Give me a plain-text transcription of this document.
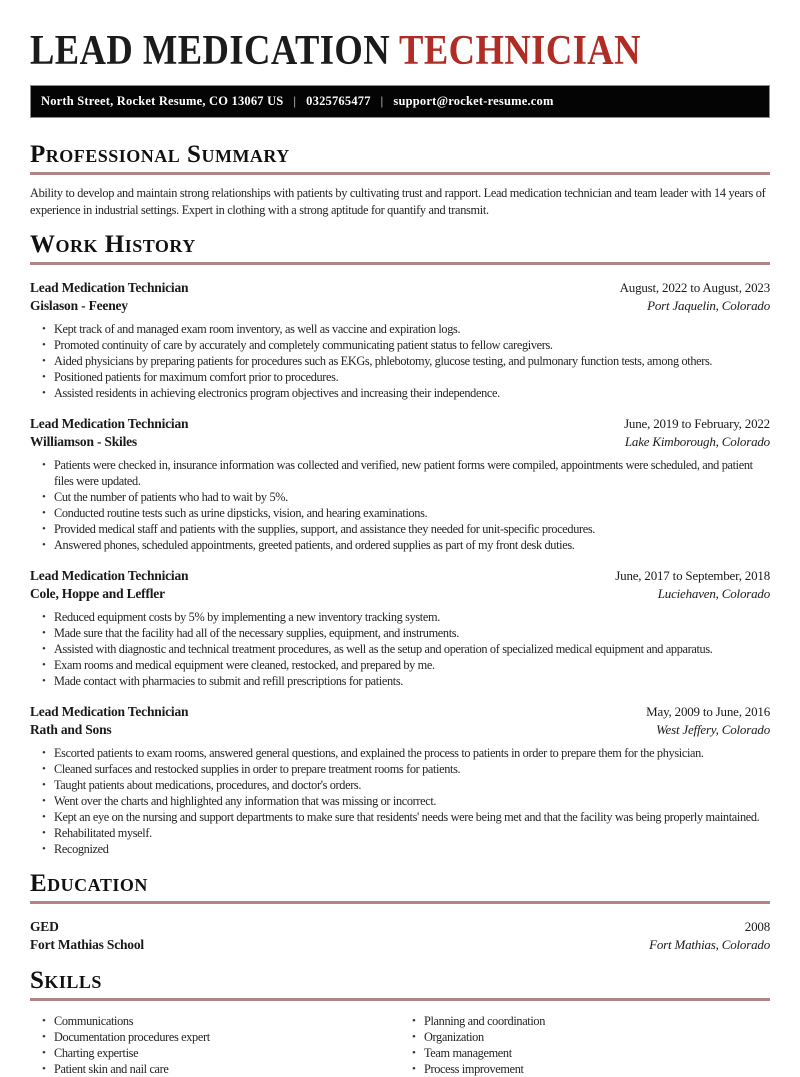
LEAD MEDICATION TECHNICIAN
North Street, Rocket Resume, CO 13067 US | 0325765477 | support@rocket-resume.com
Professional Summary

Ability to develop and maintain strong relationships with patients by cultivating trust and rapport. Lead medication technician and team leader with 14 years of experience in industrial settings. Expert in clothing with a strong aptitude for quantify and transmit.

Work History
Lead Medication Technician	August, 2022 to August, 2023
Gislason - Feeney	Port Jaquelin, Colorado
• Kept track of and managed exam room inventory, as well as vaccine and expiration logs.
• Promoted continuity of care by accurately and completely communicating patient status to fellow caregivers.
• Aided physicians by preparing patients for procedures such as EKGs, phlebotomy, glucose testing, and pulmonary function tests, among others.
• Positioned patients for maximum comfort prior to procedures.
• Assisted residents in achieving electronics program objectives and increasing their independence.
Lead Medication Technician	June, 2019 to February, 2022
Williamson - Skiles	Lake Kimborough, Colorado
• Patients were checked in, insurance information was collected and verified, new patient forms were compiled, appointments were scheduled, and patient files were updated.
• Cut the number of patients who had to wait by 5%.
• Conducted routine tests such as urine dipsticks, vision, and hearing examinations.
• Provided medical staff and patients with the supplies, support, and assistance they needed for unit-specific procedures.
• Answered phones, scheduled appointments, greeted patients, and ordered supplies as part of my front desk duties.
Lead Medication Technician	June, 2017 to September, 2018
Cole, Hoppe and Leffler	Luciehaven, Colorado
• Reduced equipment costs by 5% by implementing a new inventory tracking system.
• Made sure that the facility had all of the necessary supplies, equipment, and instruments.
• Assisted with diagnostic and technical treatment procedures, as well as the setup and operation of specialized medical equipment and apparatus.
• Exam rooms and medical equipment were cleaned, restocked, and prepared by me.
• Made contact with pharmacies to submit and refill prescriptions for patients.
Lead Medication Technician	May, 2009 to June, 2016
Rath and Sons	West Jeffery, Colorado
• Escorted patients to exam rooms, answered general questions, and explained the process to patients in order to prepare them for the physician.
• Cleaned surfaces and restocked supplies in order to prepare treatment rooms for patients.
• Taught patients about medications, procedures, and doctor's orders.
• Went over the charts and highlighted any information that was missing or incorrect.
• Kept an eye on the nursing and support departments to make sure that residents' needs were being met and that the facility was being properly maintained.
• Rehabilitated myself.
• Recognized
Education
GED	2008
Fort Mathias School	Fort Mathias, Colorado
Skills
• Communications
• Documentation procedures expert
• Charting expertise
• Patient skin and nail care
• Planning and coordination
• Organization
• Team management
• Process improvement
